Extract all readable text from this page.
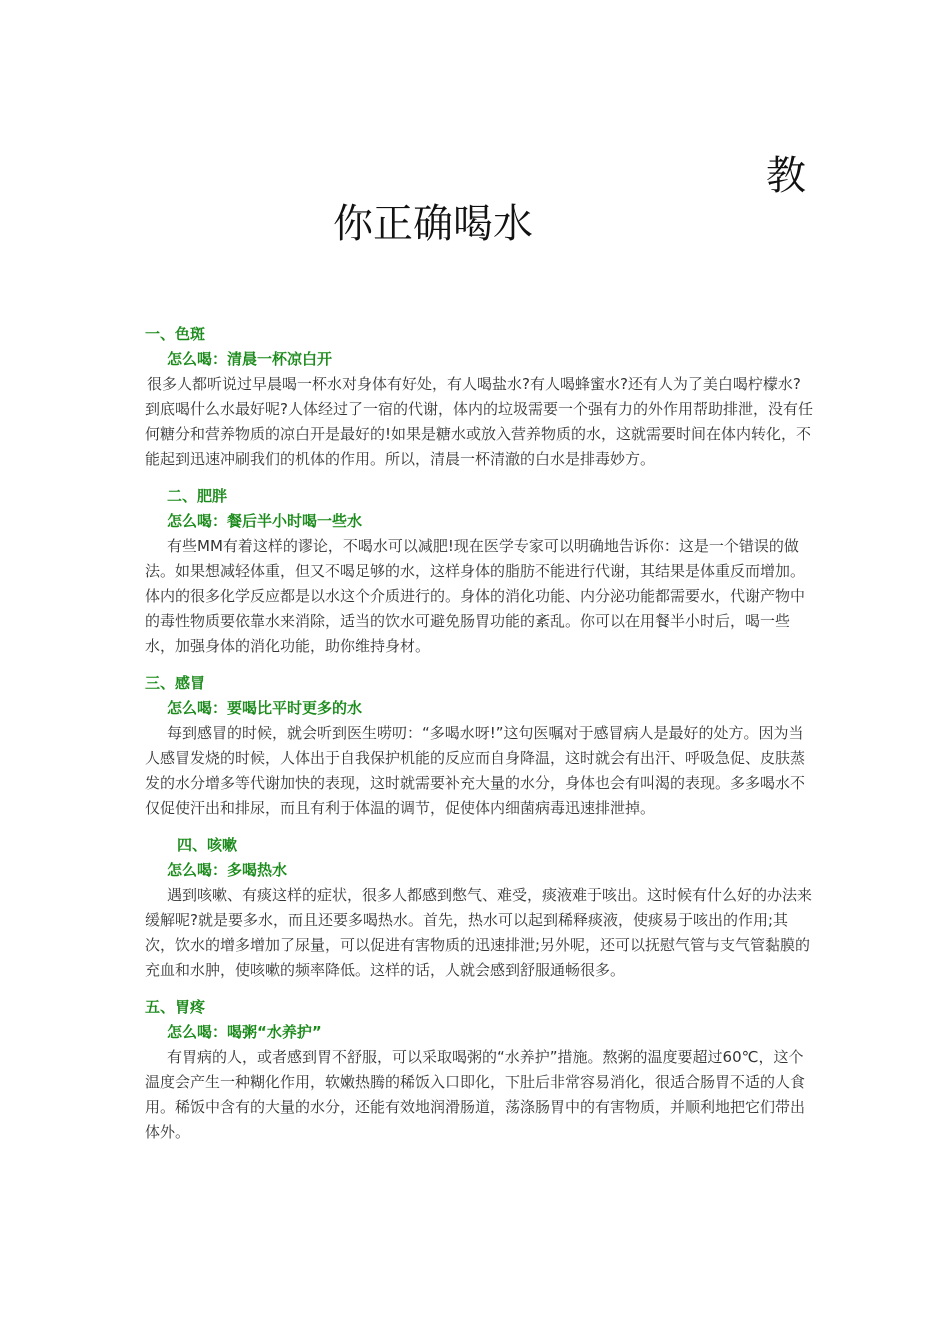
教
你正确喝水
一、色斑
怎么喝：清晨一杯凉白开

很多人都听说过早晨喝一杯水对身体有好处，有人喝盐水?有人喝蜂蜜水?还有人为了美白喝柠檬水?到底喝什么水最好呢?人体经过了一宿的代谢，体内的垃圾需要一个强有力的外作用帮助排泄，没有任何糖分和营养物质的凉白开是最好的!如果是糖水或放入营养物质的水，这就需要时间在体内转化，不能起到迅速冲刷我们的机体的作用。所以，清晨一杯清澈的白水是排毒妙方。

二、肥胖
怎么喝：餐后半小时喝一些水

有些MM有着这样的谬论，不喝水可以减肥!现在医学专家可以明确地告诉你：这是一个错误的做法。如果想减轻体重，但又不喝足够的水，这样身体的脂肪不能进行代谢，其结果是体重反而增加。体内的很多化学反应都是以水这个介质进行的。身体的消化功能、内分泌功能都需要水，代谢产物中的毒性物质要依靠水来消除，适当的饮水可避免肠胃功能的紊乱。你可以在用餐半小时后，喝一些水，加强身体的消化功能，助你维持身材。

三、感冒
怎么喝：要喝比平时更多的水

每到感冒的时候，就会听到医生唠叨：“多喝水呀!”这句医嘱对于感冒病人是最好的处方。因为当人感冒发烧的时候，人体出于自我保护机能的反应而自身降温，这时就会有出汗、呼吸急促、皮肤蒸发的水分增多等代谢加快的表现，这时就需要补充大量的水分，身体也会有叫渴的表现。多多喝水不仅促使汗出和排尿，而且有利于体温的调节，促使体内细菌病毒迅速排泄掉。

四、咳嗽
怎么喝：多喝热水

遇到咳嗽、有痰这样的症状，很多人都感到憋气、难受，痰液难于咳出。这时候有什么好的办法来缓解呢?就是要多水，而且还要多喝热水。首先，热水可以起到稀释痰液，使痰易于咳出的作用;其次，饮水的增多增加了尿量，可以促进有害物质的迅速排泄;另外呢，还可以抚慰气管与支气管黏膜的充血和水肿，使咳嗽的频率降低。这样的话，人就会感到舒服通畅很多。

五、胃疼
怎么喝：喝粥“水养护”

有胃病的人，或者感到胃不舒服，可以采取喝粥的“水养护”措施。熬粥的温度要超过60℃，这个温度会产生一种糊化作用，软嫩热腾的稀饭入口即化，下肚后非常容易消化，很适合肠胃不适的人食用。稀饭中含有的大量的水分，还能有效地润滑肠道，荡涤肠胃中的有害物质，并顺利地把它们带出体外。
